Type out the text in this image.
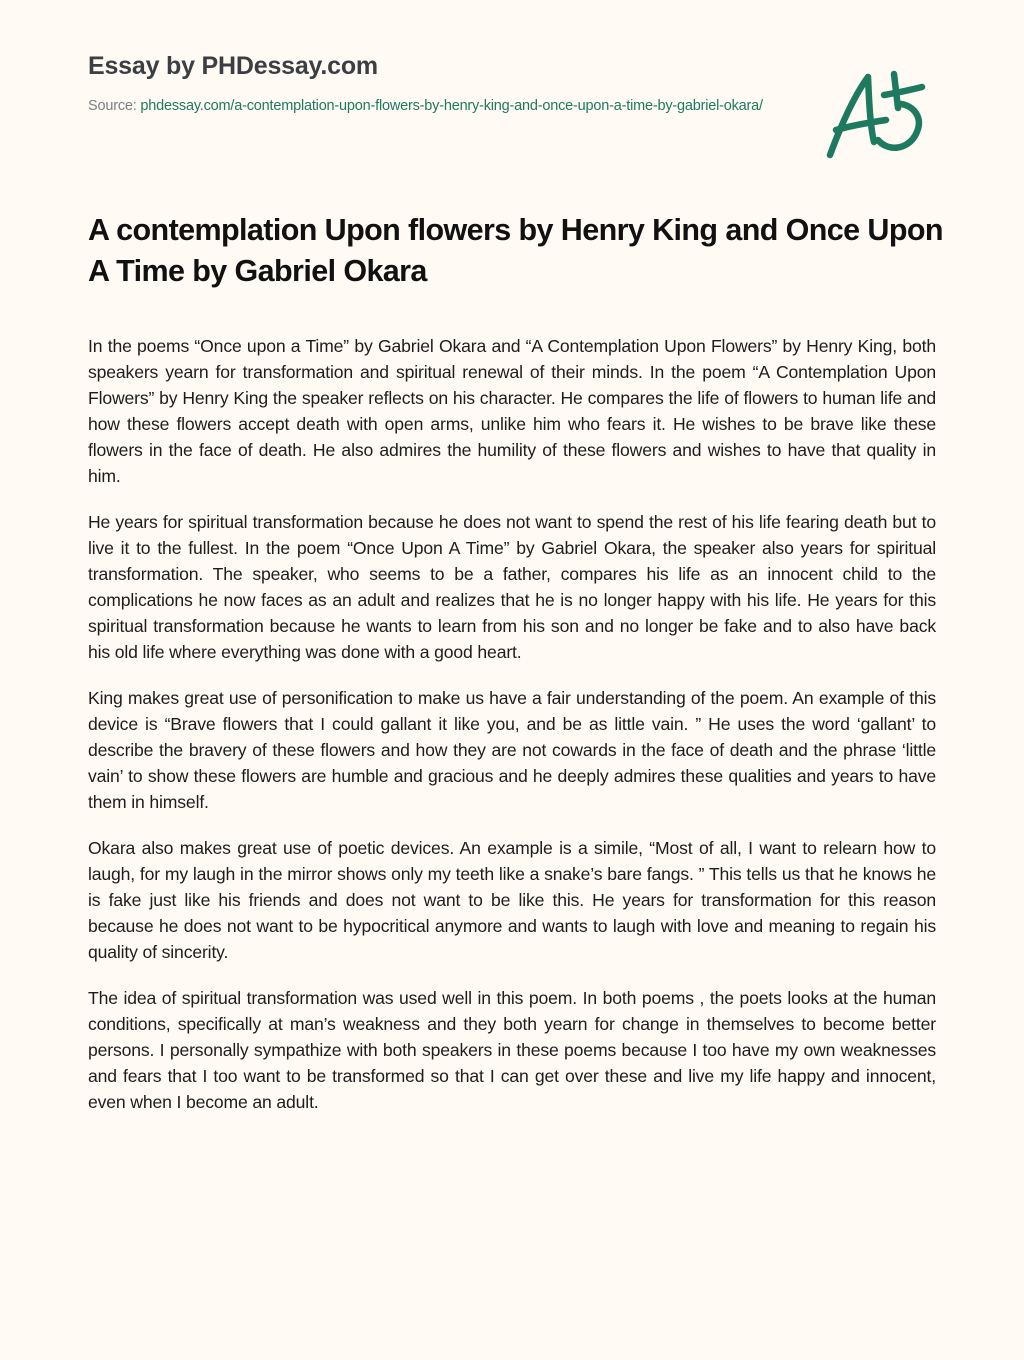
Essay by PHDessay.com
Source: phdessay.com/a-contemplation-upon-flowers-by-henry-king-and-once-upon-a-time-by-gabriel-okara/
A contemplation Upon flowers by Henry King and Once Upon A Time by Gabriel Okara

In the poems “Once upon a Time” by Gabriel Okara and “A Contemplation Upon Flowers” by Henry King, both speakers yearn for transformation and spiritual renewal of their minds. In the poem “A Contemplation Upon Flowers” by Henry King the speaker reflects on his character. He compares the life of flowers to human life and how these flowers accept death with open arms, unlike him who fears it. He wishes to be brave like these flowers in the face of death. He also admires the humility of these flowers and wishes to have that quality in him.

He years for spiritual transformation because he does not want to spend the rest of his life fearing death but to live it to the fullest. In the poem “Once Upon A Time” by Gabriel Okara, the speaker also years for spiritual transformation. The speaker, who seems to be a father, compares his life as an innocent child to the complications he now faces as an adult and realizes that he is no longer happy with his life. He years for this spiritual transformation because he wants to learn from his son and no longer be fake and to also have back his old life where everything was done with a good heart.

King makes great use of personification to make us have a fair understanding of the poem. An example of this device is “Brave flowers that I could gallant it like you, and be as little vain. ” He uses the word ‘gallant’ to describe the bravery of these flowers and how they are not cowards in the face of death and the phrase ‘little vain’ to show these flowers are humble and gracious and he deeply admires these qualities and years to have them in himself.

Okara also makes great use of poetic devices. An example is a simile, “Most of all, I want to relearn how to laugh, for my laugh in the mirror shows only my teeth like a snake’s bare fangs. ” This tells us that he knows he is fake just like his friends and does not want to be like this. He years for transformation for this reason because he does not want to be hypocritical anymore and wants to laugh with love and meaning to regain his quality of sincerity.

The idea of spiritual transformation was used well in this poem. In both poems , the poets looks at the human conditions, specifically at man’s weakness and they both yearn for change in themselves to become better persons. I personally sympathize with both speakers in these poems because I too have my own weaknesses and fears that I too want to be transformed so that I can get over these and live my life happy and innocent, even when I become an adult.
